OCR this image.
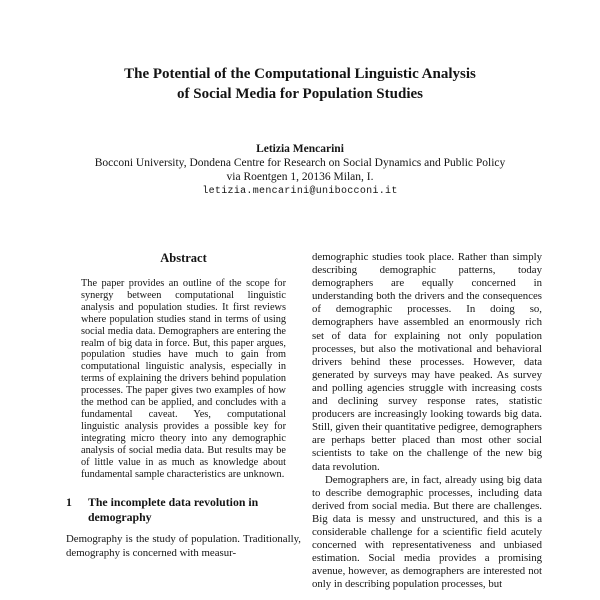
The Potential of the Computational Linguistic Analysis
of Social Media for Population Studies
Letizia Mencarini
Bocconi University, Dondena Centre for Research on Social Dynamics and Public Policy
via Roentgen 1, 20136 Milan, I.
letizia.mencarini@unibocconi.it
Abstract

The paper provides an outline of the scope for synergy between computational linguistic analysis and population studies. It first reviews where population studies stand in terms of using social media data. Demographers are entering the realm of big data in force. But, this paper argues, population studies have much to gain from computational linguistic analysis, especially in terms of explaining the drivers behind population processes. The paper gives two examples of how the method can be applied, and concludes with a fundamental caveat. Yes, computational linguistic analysis provides a possible key for integrating micro theory into any demographic analysis of social media data. But results may be of little value in as much as knowledge about fundamental sample characteristics are unknown.

1	The incomplete data revolution in demography

Demography is the study of population. Traditionally, demography is concerned with measur-

demographic studies took place. Rather than simply describing demographic patterns, today demographers are equally concerned in understanding both the drivers and the consequences of demographic processes. In doing so, demographers have assembled an enormously rich set of data for explaining not only population processes, but also the motivational and behavioral drivers behind these processes. However, data generated by surveys may have peaked. As survey and polling agencies struggle with increasing costs and declining survey response rates, statistic producers are increasingly looking towards big data. Still, given their quantitative pedigree, demographers are perhaps better placed than most other social scientists to take on the challenge of the new big data revolution.

Demographers are, in fact, already using big data to describe demographic processes, including data derived from social media. But there are challenges. Big data is messy and unstructured, and this is a considerable challenge for a scientific field acutely concerned with representativeness and unbiased estimation. Social media provides a promising avenue, however, as demographers are interested not only in describing population processes, but
